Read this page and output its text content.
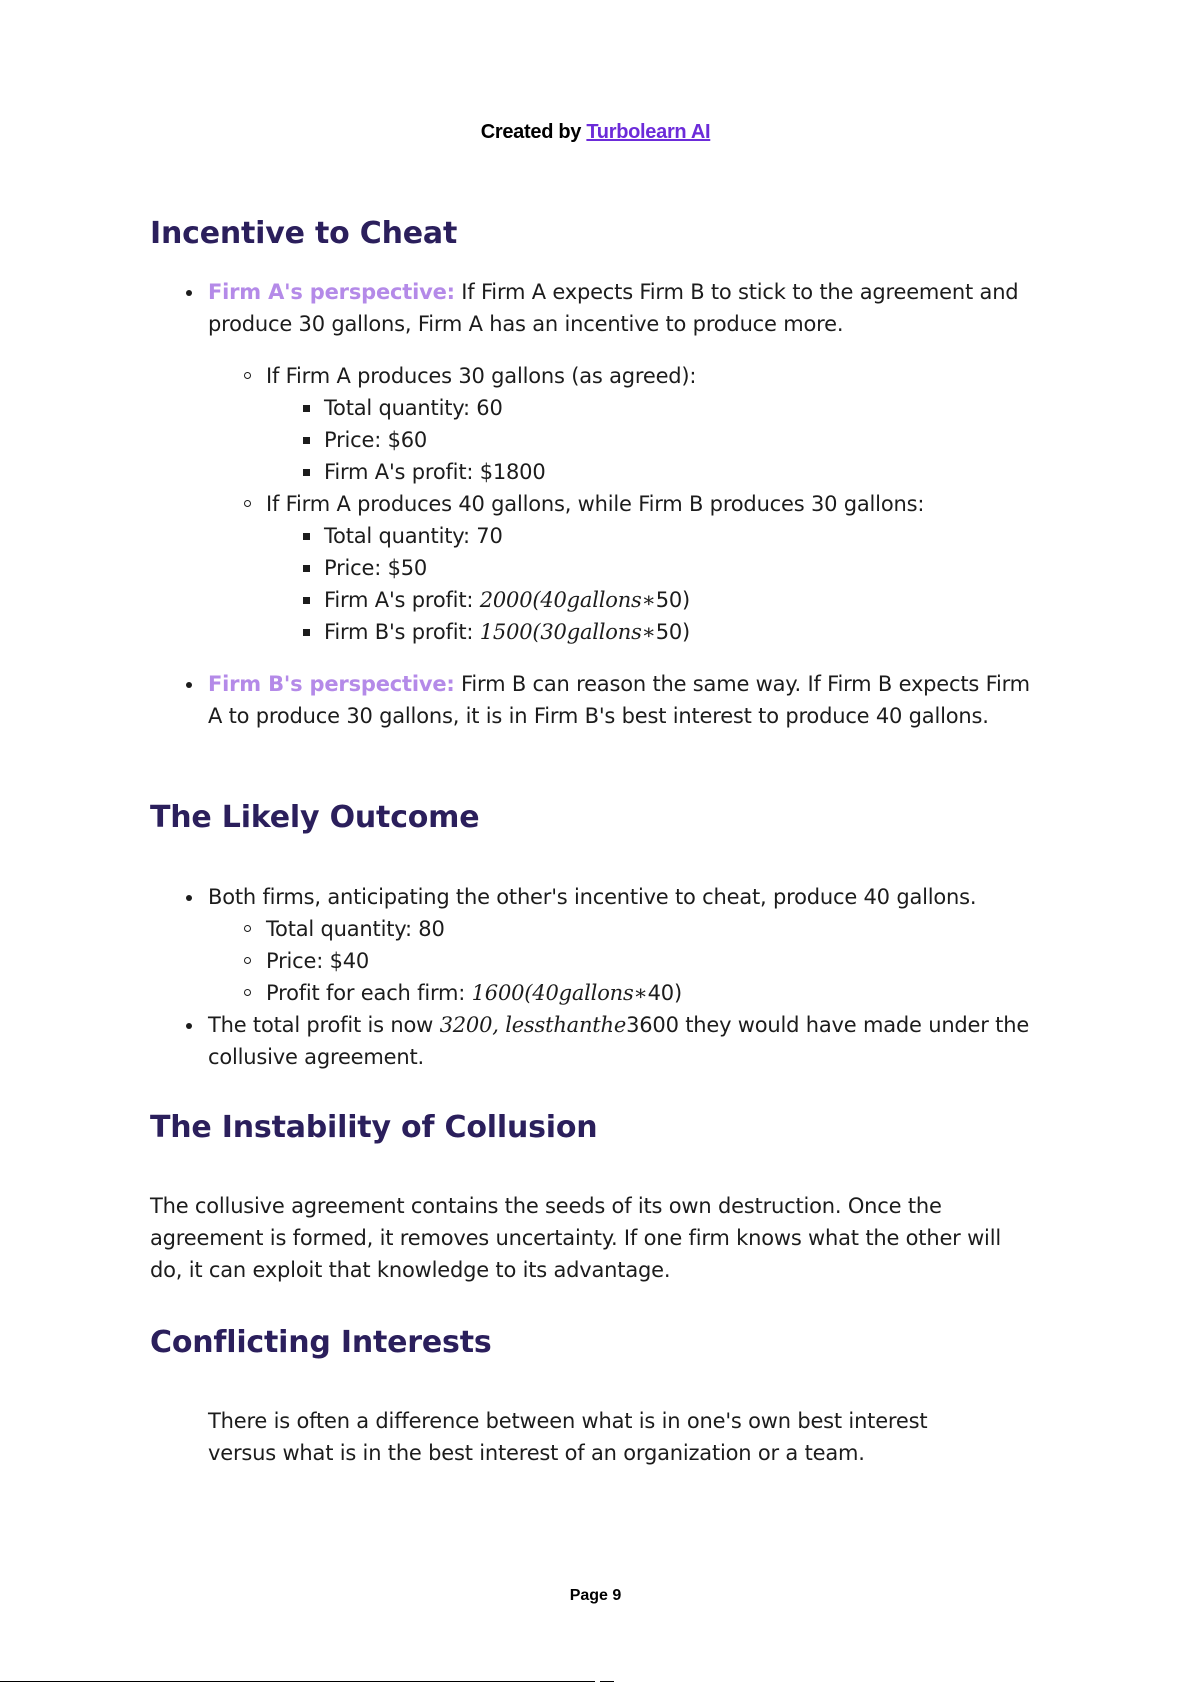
Created by Turbolearn AI
Incentive to Cheat
Firm A's perspective: If Firm A expects Firm B to stick to the agreement and produce 30 gallons, Firm A has an incentive to produce more.
If Firm A produces 30 gallons (as agreed):
Total quantity: 60
Price: $60
Firm A's profit: $1800
If Firm A produces 40 gallons, while Firm B produces 30 gallons:
Total quantity: 70
Price: $50
Firm A's profit: 2000(40gallons∗50)
Firm B's profit: 1500(30gallons∗50)
Firm B's perspective: Firm B can reason the same way. If Firm B expects Firm A to produce 30 gallons, it is in Firm B's best interest to produce 40 gallons.
The Likely Outcome
Both firms, anticipating the other's incentive to cheat, produce 40 gallons.
Total quantity: 80
Price: $40
Profit for each firm: 1600(40gallons∗40)
The total profit is now 3200, lessthanthe3600 they would have made under the collusive agreement.
The Instability of Collusion
The collusive agreement contains the seeds of its own destruction. Once the agreement is formed, it removes uncertainty. If one firm knows what the other will do, it can exploit that knowledge to its advantage.
Conflicting Interests
There is often a difference between what is in one's own best interest versus what is in the best interest of an organization or a team.
Page 9
